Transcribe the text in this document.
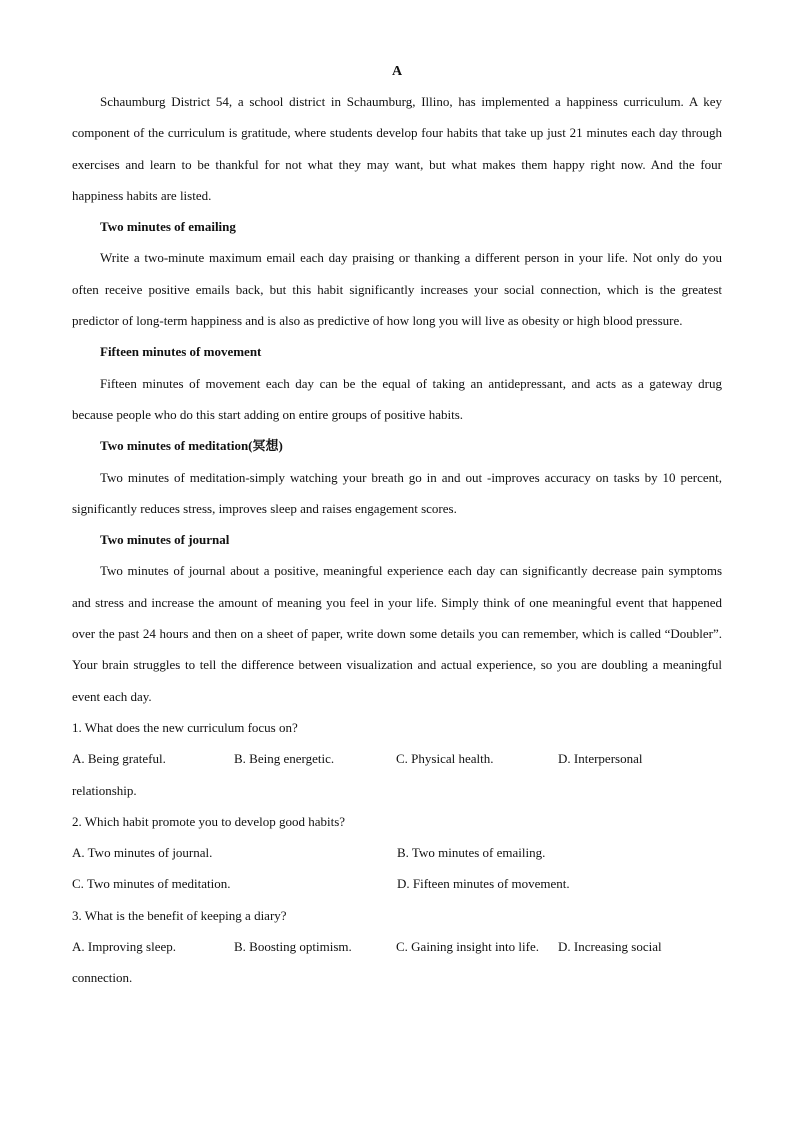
A

Schaumburg District 54, a school district in Schaumburg, Illino, has implemented a happiness curriculum. A key component of the curriculum is gratitude, where students develop four habits that take up just 21 minutes each day through exercises and learn to be thankful for not what they may want, but what makes them happy right now. And the four happiness habits are listed.

Two minutes of emailing

Write a two-minute maximum email each day praising or thanking a different person in your life. Not only do you often receive positive emails back, but this habit significantly increases your social connection, which is the greatest predictor of long-term happiness and is also as predictive of how long you will live as obesity or high blood pressure.

Fifteen minutes of movement

Fifteen minutes of movement each day can be the equal of taking an antidepressant, and acts as a gateway drug because people who do this start adding on entire groups of positive habits.

Two minutes of meditation(冥想)

Two minutes of meditation-simply watching your breath go in and out -improves accuracy on tasks by 10 percent, significantly reduces stress, improves sleep and raises engagement scores.

Two minutes of journal

Two minutes of journal about a positive, meaningful experience each day can significantly decrease pain symptoms and stress and increase the amount of meaning you feel in your life. Simply think of one meaningful event that happened over the past 24 hours and then on a sheet of paper, write down some details you can remember, which is called “Doubler”. Your brain struggles to tell the difference between visualization and actual experience, so you are doubling a meaningful event each day.

1. What does the new curriculum focus on?

A. Being grateful.	B. Being energetic.	C. Physical health.	D. Interpersonal

relationship.

2. Which habit promote you to develop good habits?

A. Two minutes of journal.	B. Two minutes of emailing.
C. Two minutes of meditation.	D. Fifteen minutes of movement.

3. What is the benefit of keeping a diary?

A. Improving sleep.	B. Boosting optimism.	C. Gaining insight into life.	D. Increasing social

connection.
